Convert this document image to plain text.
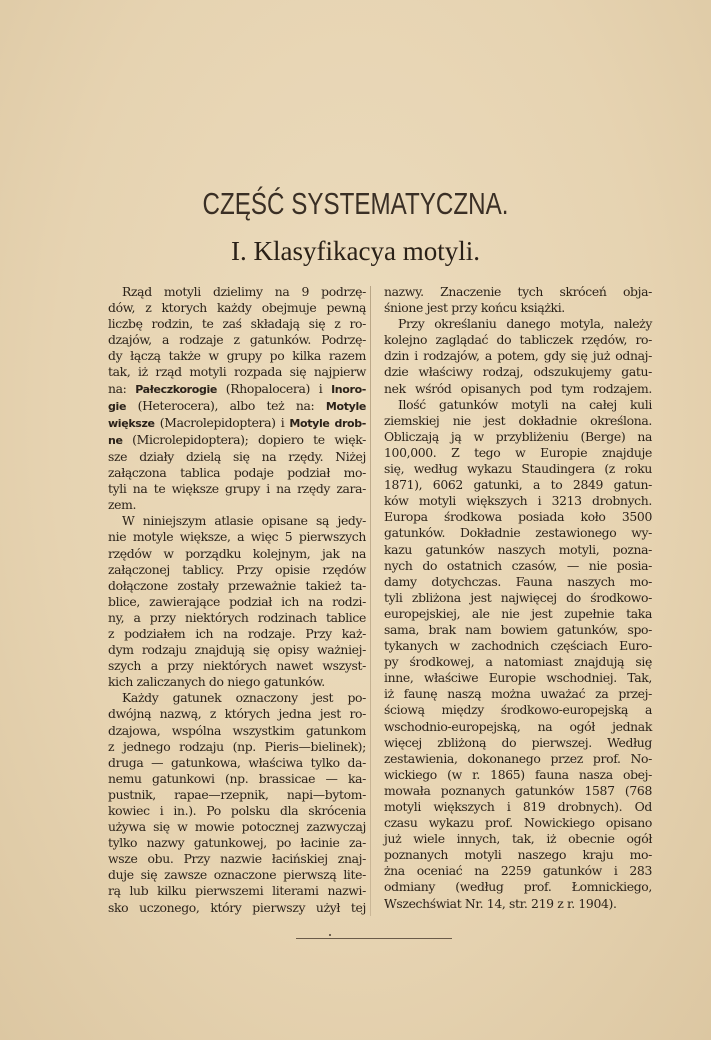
CZĘŚĆ SYSTEMATYCZNA.
I. Klasyfikacya motyli.
Rząd motyli dzielimy na 9 podrzę-
dów, z ktorych każdy obejmuje pewną
liczbę rodzin, te zaś składają się z ro-
dzajów, a rodzaje z gatunków. Podrzę-
dy łączą także w grupy po kilka razem
tak, iż rząd motyli rozpada się najpierw
na: Pałeczkorogie (Rhopalocera) i Inoro-
gie (Heterocera), albo też na: Motyle
większe (Macrolepidoptera) i Motyle drob-
ne (Microlepidoptera); dopiero te więk-
sze działy dzielą się na rzędy. Niżej
załączona tablica podaje podział mo-
tyli na te większe grupy i na rzędy zara-
zem.
W niniejszym atlasie opisane są jedy-
nie motyle większe, a więc 5 pierwszych
rzędów w porządku kolejnym, jak na
załączonej tablicy. Przy opisie rzędów
dołączone zostały przeważnie takież ta-
blice, zawierające podział ich na rodzi-
ny, a przy niektórych rodzinach tablice
z podziałem ich na rodzaje. Przy każ-
dym rodzaju znajdują się opisy ważniej-
szych a przy niektórych nawet wszyst-
kich zaliczanych do niego gatunków.
Każdy gatunek oznaczony jest po-
dwójną nazwą, z których jedna jest ro-
dzajowa, wspólna wszystkim gatunkom
z jednego rodzaju (np. Pieris—bielinek);
druga — gatunkowa, właściwa tylko da-
nemu gatunkowi (np. brassicae — ka-
pustnik, rapae—rzepnik, napi—bytom-
kowiec i in.). Po polsku dla skrócenia
używa się w mowie potocznej zazwyczaj
tylko nazwy gatunkowej, po łacinie za-
wsze obu. Przy nazwie łacińskiej znaj-
duje się zawsze oznaczone pierwszą lite-
rą lub kilku pierwszemi literami nazwi-
sko uczonego, który pierwszy użył tej
nazwy. Znaczenie tych skróceń obja-
śnione jest przy końcu książki.
Przy określaniu danego motyla, należy
kolejno zaglądać do tabliczek rzędów, ro-
dzin i rodzajów, a potem, gdy się już odnaj-
dzie właściwy rodzaj, odszukujemy gatu-
nek wśród opisanych pod tym rodzajem.
Ilość gatunków motyli na całej kuli
ziemskiej nie jest dokładnie określona.
Obliczają ją w przybliżeniu (Berge) na
100,000. Z tego w Europie znajduje
się, według wykazu Staudingera (z roku
1871), 6062 gatunki, a to 2849 gatun-
ków motyli większych i 3213 drobnych.
Europa środkowa posiada koło 3500
gatunków. Dokładnie zestawionego wy-
kazu gatunków naszych motyli, pozna-
nych do ostatnich czasów, — nie posia-
damy dotychczas. Fauna naszych mo-
tyli zbliżona jest najwięcej do środkowo-
europejskiej, ale nie jest zupełnie taka
sama, brak nam bowiem gatunków, spo-
tykanych w zachodnich częściach Euro-
py środkowej, a natomiast znajdują się
inne, właściwe Europie wschodniej. Tak,
iż faunę naszą można uważać za przej-
ściową między środkowo-europejską a
wschodnio-europejską, na ogół jednak
więcej zbliżoną do pierwszej. Według
zestawienia, dokonanego przez prof. No-
wickiego (w r. 1865) fauna nasza obej-
mowała poznanych gatunków 1587 (768
motyli większych i 819 drobnych). Od
czasu wykazu prof. Nowickiego opisano
już wiele innych, tak, iż obecnie ogół
poznanych motyli naszego kraju mo-
żna oceniać na 2259 gatunków i 283
odmiany (według prof. Łomnickiego,
Wszechświat Nr. 14, str. 219 z r. 1904).
